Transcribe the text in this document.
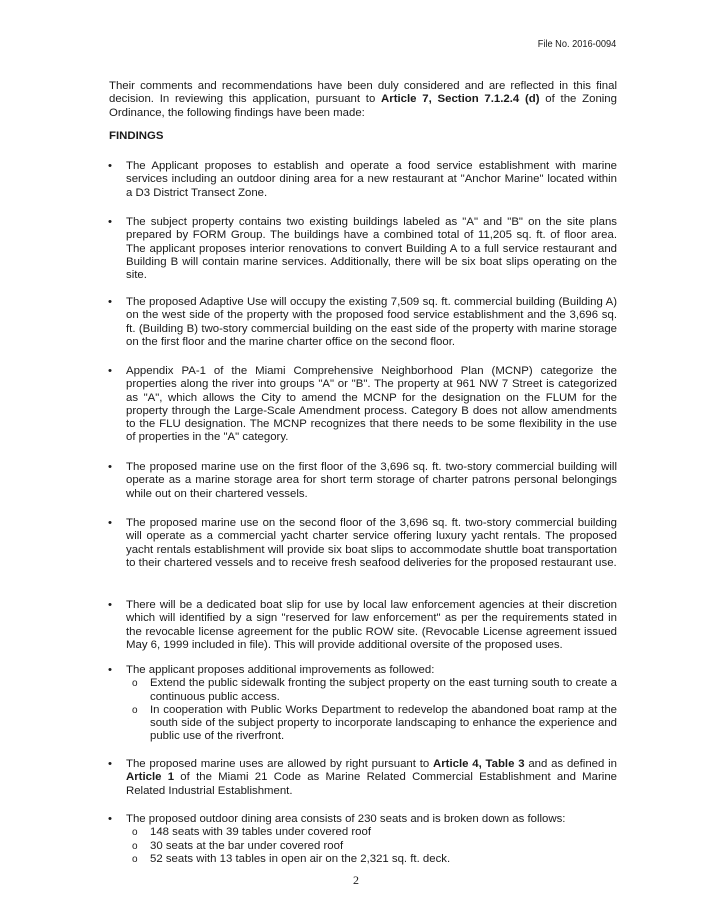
File No. 2016-0094
Their comments and recommendations have been duly considered and are reflected in this final decision. In reviewing this application, pursuant to Article 7, Section 7.1.2.4 (d) of the Zoning Ordinance, the following findings have been made:
FINDINGS
• The Applicant proposes to establish and operate a food service establishment with marine services including an outdoor dining area for a new restaurant at "Anchor Marine" located within a D3 District Transect Zone.
• The subject property contains two existing buildings labeled as "A" and "B" on the site plans prepared by FORM Group. The buildings have a combined total of 11,205 sq. ft. of floor area. The applicant proposes interior renovations to convert Building A to a full service restaurant and Building B will contain marine services. Additionally, there will be six boat slips operating on the site.
• The proposed Adaptive Use will occupy the existing 7,509 sq. ft. commercial building (Building A) on the west side of the property with the proposed food service establishment and the 3,696 sq. ft. (Building B) two-story commercial building on the east side of the property with marine storage on the first floor and the marine charter office on the second floor.
• Appendix PA-1 of the Miami Comprehensive Neighborhood Plan (MCNP) categorize the properties along the river into groups "A" or "B". The property at 961 NW 7 Street is categorized as "A", which allows the City to amend the MCNP for the designation on the FLUM for the property through the Large-Scale Amendment process. Category B does not allow amendments to the FLU designation. The MCNP recognizes that there needs to be some flexibility in the use of properties in the "A" category.
• The proposed marine use on the first floor of the 3,696 sq. ft. two-story commercial building will operate as a marine storage area for short term storage of charter patrons personal belongings while out on their chartered vessels.
• The proposed marine use on the second floor of the 3,696 sq. ft. two-story commercial building will operate as a commercial yacht charter service offering luxury yacht rentals. The proposed yacht rentals establishment will provide six boat slips to accommodate shuttle boat transportation to their chartered vessels and to receive fresh seafood deliveries for the proposed restaurant use.
• There will be a dedicated boat slip for use by local law enforcement agencies at their discretion which will identified by a sign "reserved for law enforcement" as per the requirements stated in the revocable license agreement for the public ROW site. (Revocable License agreement issued May 6, 1999 included in file). This will provide additional oversite of the proposed uses.
• The applicant proposes additional improvements as followed:
o Extend the public sidewalk fronting the subject property on the east turning south to create a continuous public access.
o In cooperation with Public Works Department to redevelop the abandoned boat ramp at the south side of the subject property to incorporate landscaping to enhance the experience and public use of the riverfront.
• The proposed marine uses are allowed by right pursuant to Article 4, Table 3 and as defined in Article 1 of the Miami 21 Code as Marine Related Commercial Establishment and Marine Related Industrial Establishment.
• The proposed outdoor dining area consists of 230 seats and is broken down as follows:
o 148 seats with 39 tables under covered roof
o 30 seats at the bar under covered roof
o 52 seats with 13 tables in open air on the 2,321 sq. ft. deck.
2
